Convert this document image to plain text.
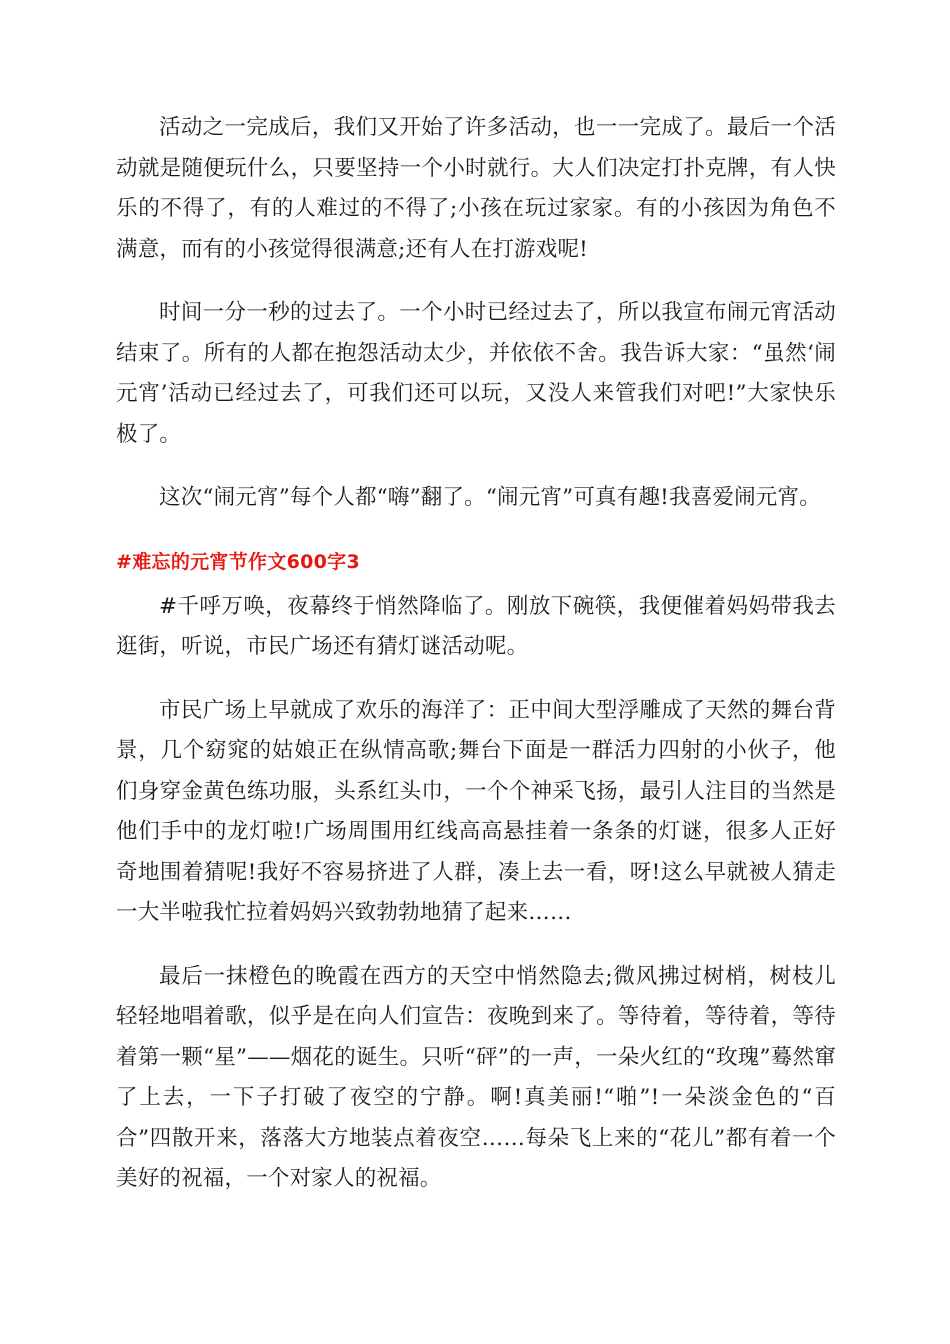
活动之一完成后，我们又开始了许多活动，也一一完成了。最后一个活动就是随便玩什么，只要坚持一个小时就行。大人们决定打扑克牌，有人快乐的不得了，有的人难过的不得了;小孩在玩过家家。有的小孩因为角色不满意，而有的小孩觉得很满意;还有人在打游戏呢!

时间一分一秒的过去了。一个小时已经过去了，所以我宣布闹元宵活动结束了。所有的人都在抱怨活动太少，并依依不舍。我告诉大家：“虽然‘闹元宵’活动已经过去了，可我们还可以玩，又没人来管我们对吧!”大家快乐极了。

这次“闹元宵”每个人都“嗨”翻了。“闹元宵”可真有趣!我喜爱闹元宵。

#难忘的元宵节作文600字3

#千呼万唤，夜幕终于悄然降临了。刚放下碗筷，我便催着妈妈带我去逛街，听说，市民广场还有猜灯谜活动呢。

市民广场上早就成了欢乐的海洋了：正中间大型浮雕成了天然的舞台背景，几个窈窕的姑娘正在纵情高歌;舞台下面是一群活力四射的小伙子，他们身穿金黄色练功服，头系红头巾，一个个神采飞扬，最引人注目的当然是他们手中的龙灯啦!广场周围用红线高高悬挂着一条条的灯谜，很多人正好奇地围着猜呢!我好不容易挤进了人群，凑上去一看，呀!这么早就被人猜走一大半啦我忙拉着妈妈兴致勃勃地猜了起来……

最后一抹橙色的晚霞在西方的天空中悄然隐去;微风拂过树梢，树枝儿轻轻地唱着歌，似乎是在向人们宣告：夜晚到来了。等待着，等待着，等待着第一颗“星”——烟花的诞生。只听“砰”的一声，一朵火红的“玫瑰”蓦然窜了上去，一下子打破了夜空的宁静。啊!真美丽!“啪”!一朵淡金色的“百合”四散开来，落落大方地装点着夜空……每朵飞上来的“花儿”都有着一个美好的祝福，一个对家人的祝福。
